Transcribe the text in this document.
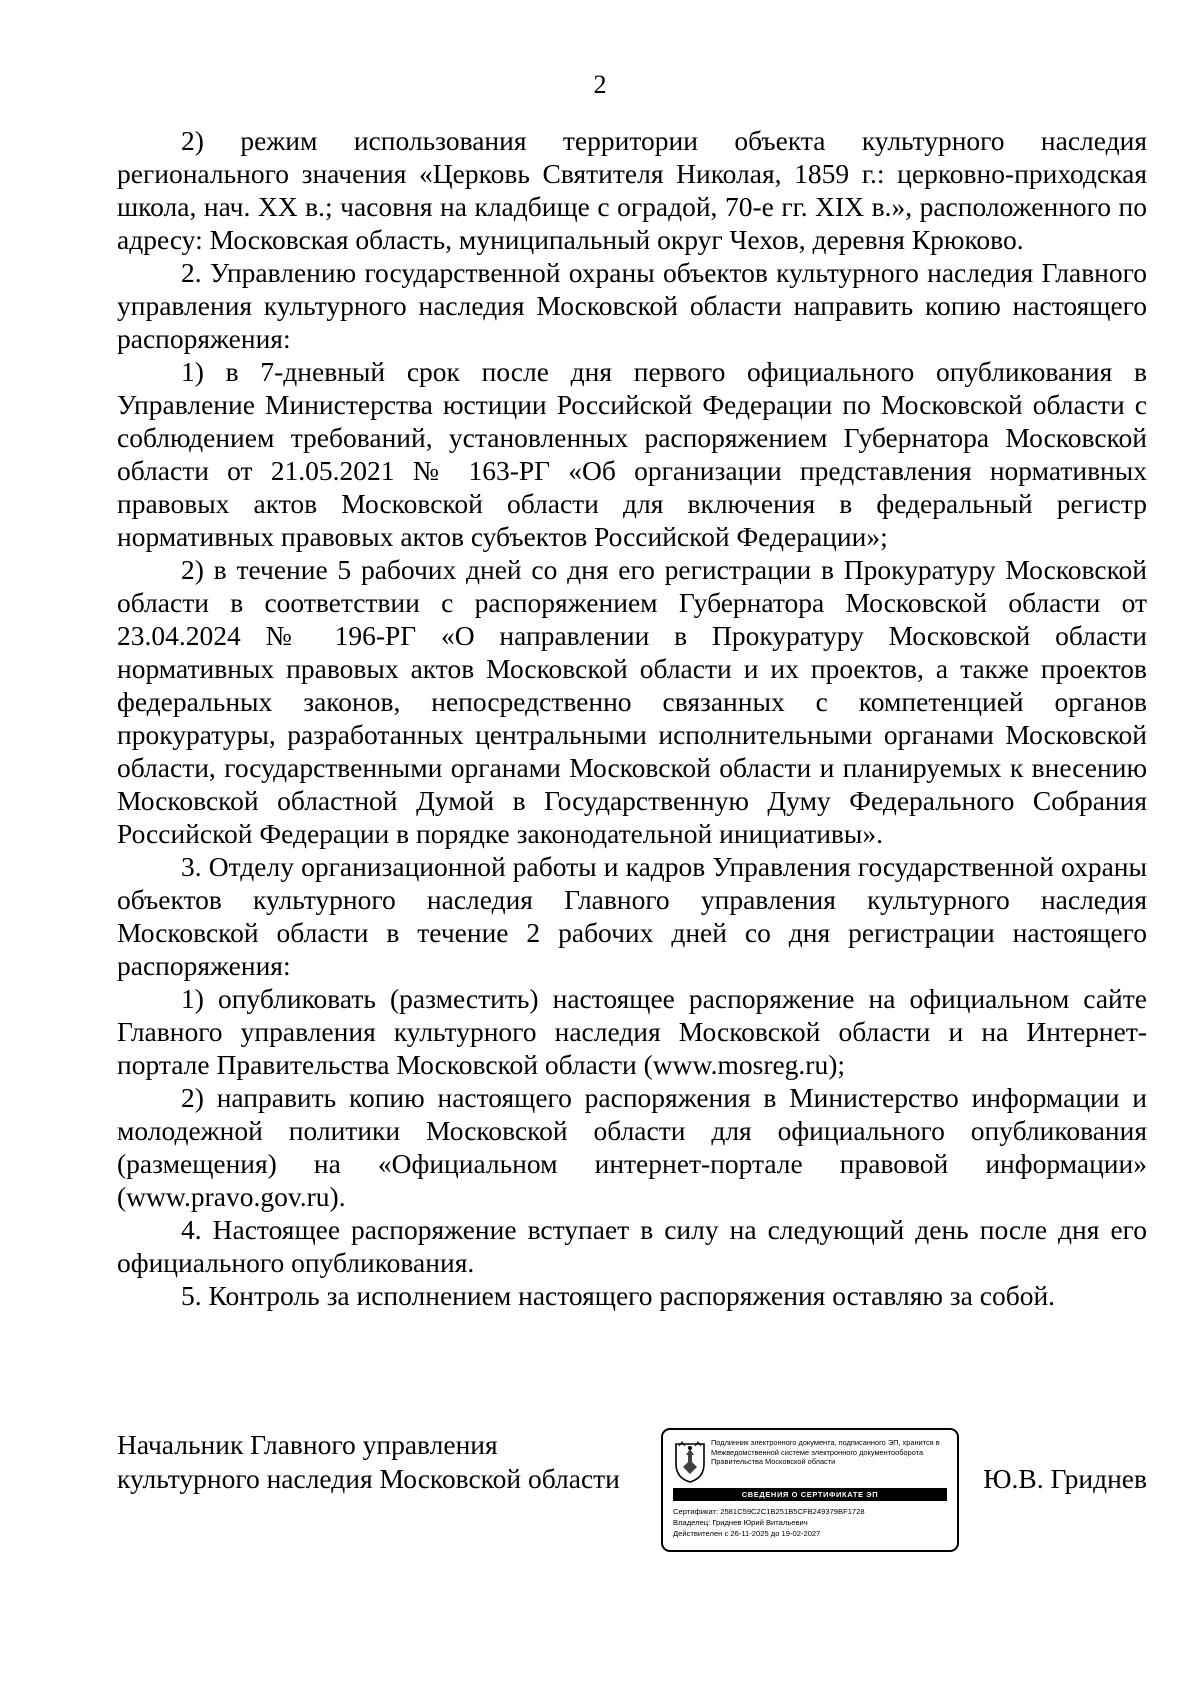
2

2) режим использования территории объекта культурного наследия регионального значения «Церковь Святителя Николая, 1859 г.: церковно-приходская школа, нач. XX в.; часовня на кладбище с оградой, 70-е гг. XIX в.», расположенного по адресу: Московская область, муниципальный округ Чехов, деревня Крюково.

2. Управлению государственной охраны объектов культурного наследия Главного управления культурного наследия Московской области направить копию настоящего распоряжения:

1) в 7-дневный срок после дня первого официального опубликования в Управление Министерства юстиции Российской Федерации по Московской области с соблюдением требований, установленных распоряжением Губернатора Московской области от 21.05.2021 № 163-РГ «Об организации представления нормативных правовых актов Московской области для включения в федеральный регистр нормативных правовых актов субъектов Российской Федерации»;

2) в течение 5 рабочих дней со дня его регистрации в Прокуратуру Московской области в соответствии с распоряжением Губернатора Московской области от 23.04.2024 № 196-РГ «О направлении в Прокуратуру Московской области нормативных правовых актов Московской области и их проектов, а также проектов федеральных законов, непосредственно связанных с компетенцией органов прокуратуры, разработанных центральными исполнительными органами Московской области, государственными органами Московской области и планируемых к внесению Московской областной Думой в Государственную Думу Федерального Собрания Российской Федерации в порядке законодательной инициативы».

3. Отделу организационной работы и кадров Управления государственной охраны объектов культурного наследия Главного управления культурного наследия Московской области в течение 2 рабочих дней со дня регистрации настоящего распоряжения:

1) опубликовать (разместить) настоящее распоряжение на официальном сайте Главного управления культурного наследия Московской области и на Интернет-портале Правительства Московской области (www.mosreg.ru);

2) направить копию настоящего распоряжения в Министерство информации и молодежной политики Московской области для официального опубликования (размещения) на «Официальном интернет-портале правовой информации» (www.pravo.gov.ru).

4. Настоящее распоряжение вступает в силу на следующий день после дня его официального опубликования.

5. Контроль за исполнением настоящего распоряжения оставляю за собой.

Начальник Главного управления
культурного наследия Московской области
Подлинник электронного документа, подписанного ЭП, хранится в Межведомственной системе электронного документооборота Правительства Московской области
СВЕДЕНИЯ О СЕРТИФИКАТЕ ЭП
Сертификат: 2581C59C2C1B251B5CFB249379BF1728
Владелец: Гриднев Юрий Витальевич
Действителен с 26-11-2025 до 19-02-2027
Ю.В. Гриднев
